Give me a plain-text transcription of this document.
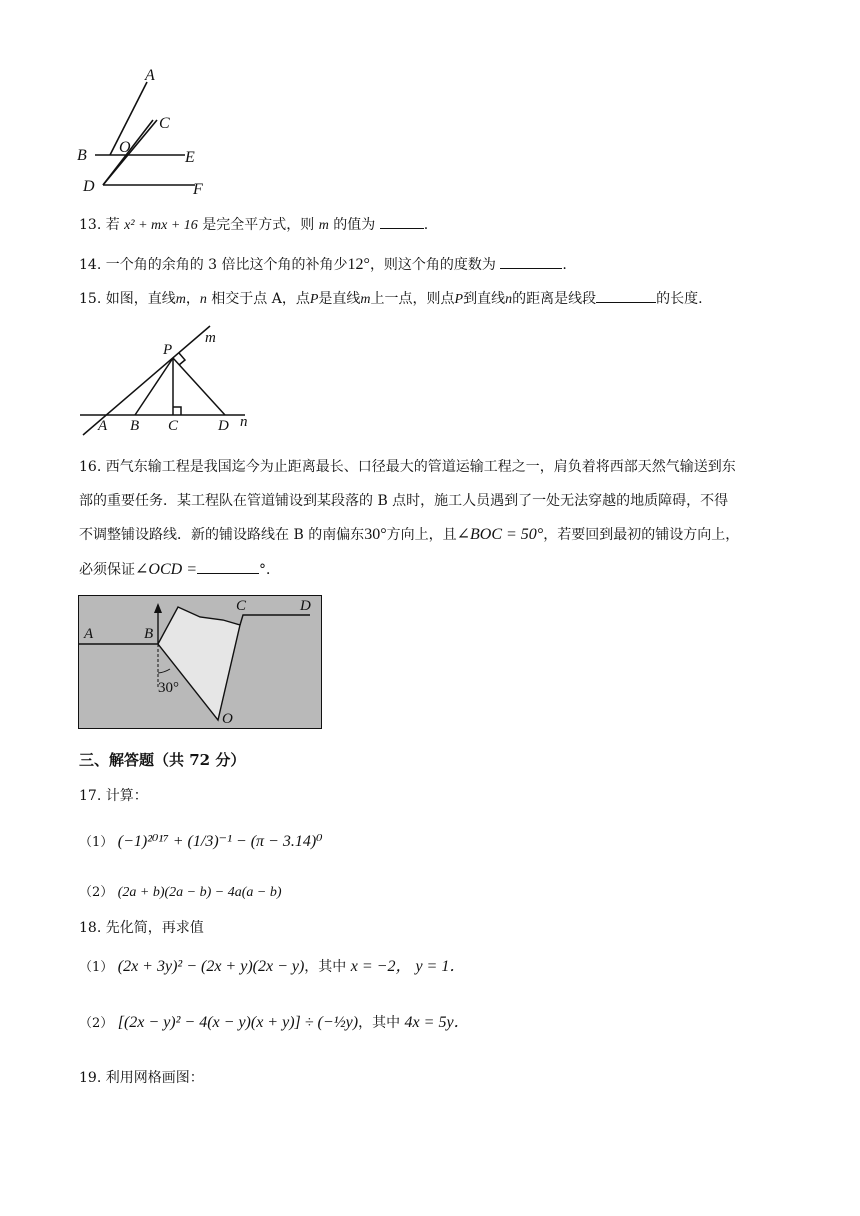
A
C
B O
E
D	F
13. 若 x² + mx + 16 是完全平方式，则 m 的值为	.
14. 一个角的余角的 3 倍比这个角的补角少12°，则这个角的度数为	.
15. 如图，直线m，n 相交于点 A，点P是直线m上一点，则点P到直线n的距离是线段	的长度.
P
m
A B C	D n
16. 西气东输工程是我国迄今为止距离最长、口径最大的管道运输工程之一，肩负着将西部天然气输送到东
部的重要任务．某工程队在管道铺设到某段落的 B 点时，施工人员遇到了一处无法穿越的地质障碍，不得
不调整铺设路线．新的铺设路线在 B 的南偏东30°方向上，且∠BOC = 50°，若要回到最初的铺设方向上，
必须保证∠OCD =	°．
A	B
C	D
O
30°
三、解答题（共 72 分）
17. 计算：
（1） (−1)²⁰¹⁷ + (1/3)⁻¹ − (π − 3.14)⁰
（2） (2a + b)(2a − b) − 4a(a − b)
18. 先化简，再求值
（1） (2x + 3y)² − (2x + y)(2x − y)，其中 x = −2， y = 1．
（2） [(2x − y)² − 4(x − y)(x + y)] ÷ (−½y)，其中 4x = 5y．
19. 利用网格画图：
